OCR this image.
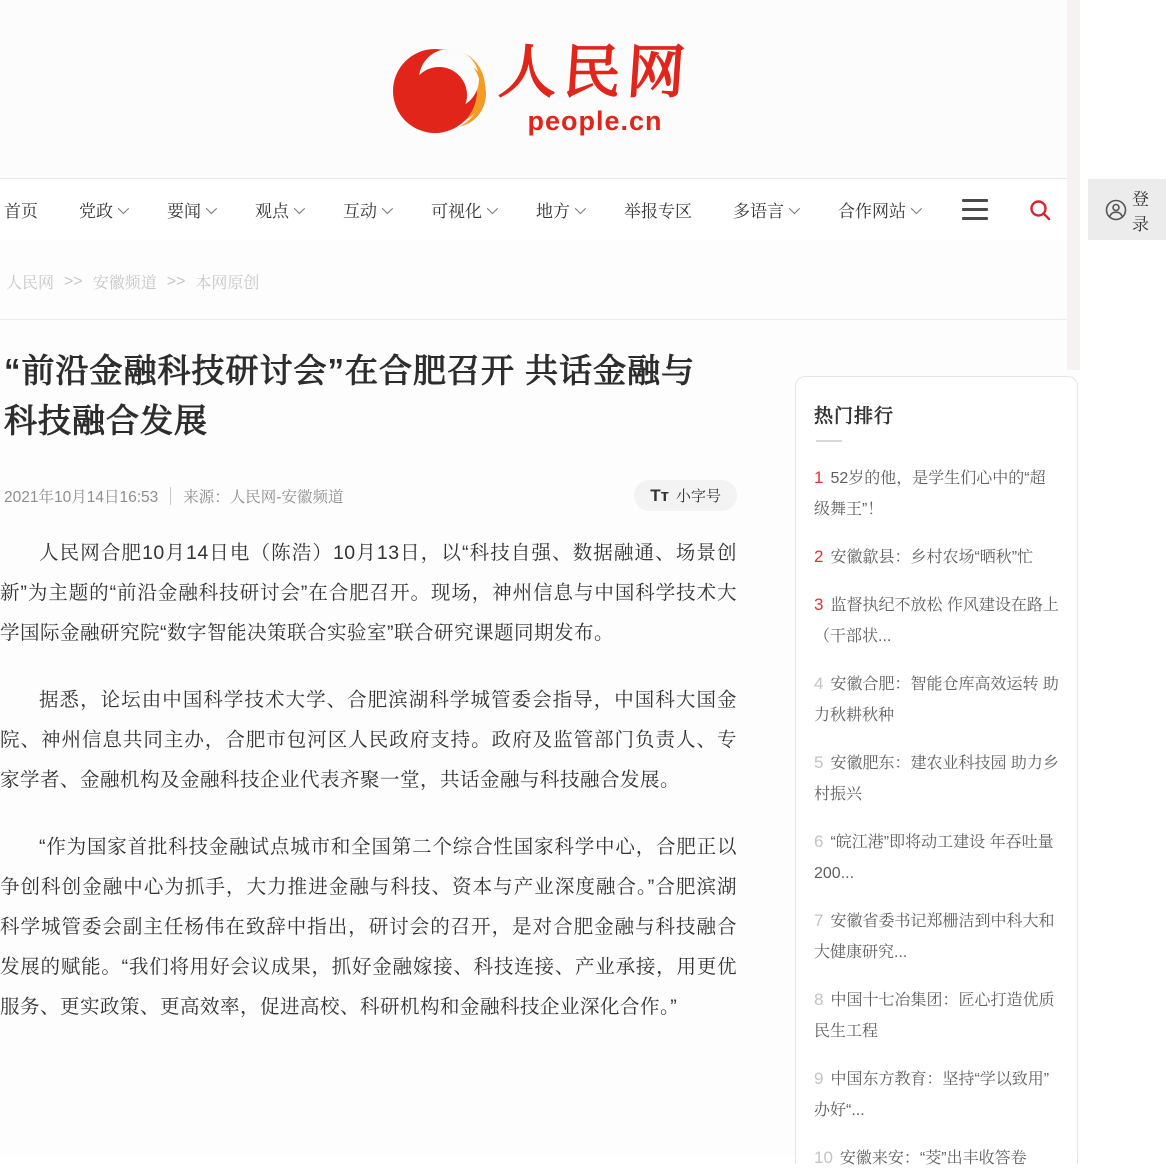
人民网
people.cn
首页 党政	要闻	观点	互动	可视化	地方	举报专区 多语言	合作网站
登录
人民网 >> 安徽频道 >> 本网原创
“前沿金融科技研讨会”在合肥召开 共话金融与科技融合发展
2021年10月14日16:53 来源： 人民网-安徽频道	Tт 小字号

人民网合肥10月14日电（陈浩）10月13日，以“科技自强、数据融通、场景创新”为主题的“前沿金融科技研讨会”在合肥召开。现场，神州信息与中国科学技术大学国际金融研究院“数字智能决策联合实验室”联合研究课题同期发布。

据悉，论坛由中国科学技术大学、合肥滨湖科学城管委会指导，中国科大国金院、神州信息共同主办，合肥市包河区人民政府支持。政府及监管部门负责人、专家学者、金融机构及金融科技企业代表齐聚一堂，共话金融与科技融合发展。

“作为国家首批科技金融试点城市和全国第二个综合性国家科学中心，合肥正以争创科创金融中心为抓手，大力推进金融与科技、资本与产业深度融合。”合肥滨湖科学城管委会副主任杨伟在致辞中指出，研讨会的召开，是对合肥金融与科技融合发展的赋能。“我们将用好会议成果，抓好金融嫁接、科技连接、产业承接，用更优服务、更实政策、更高效率，促进高校、科研机构和金融科技企业深化合作。”

热门排行
1 52岁的他，是学生们心中的“超级舞王”！
2 安徽歙县：乡村农场“晒秋”忙
3 监督执纪不放松 作风建设在路上（干部状...
4 安徽合肥：智能仓库高效运转 助力秋耕秋种
5 安徽肥东：建农业科技园 助力乡村振兴
6 “皖江港”即将动工建设 年吞吐量200...
7 安徽省委书记郑栅洁到中科大和大健康研究...
8 中国十七冶集团：匠心打造优质民生工程
9 中国东方教育：坚持“学以致用” 办好“...
10 安徽来安：“茭”出丰收答卷
